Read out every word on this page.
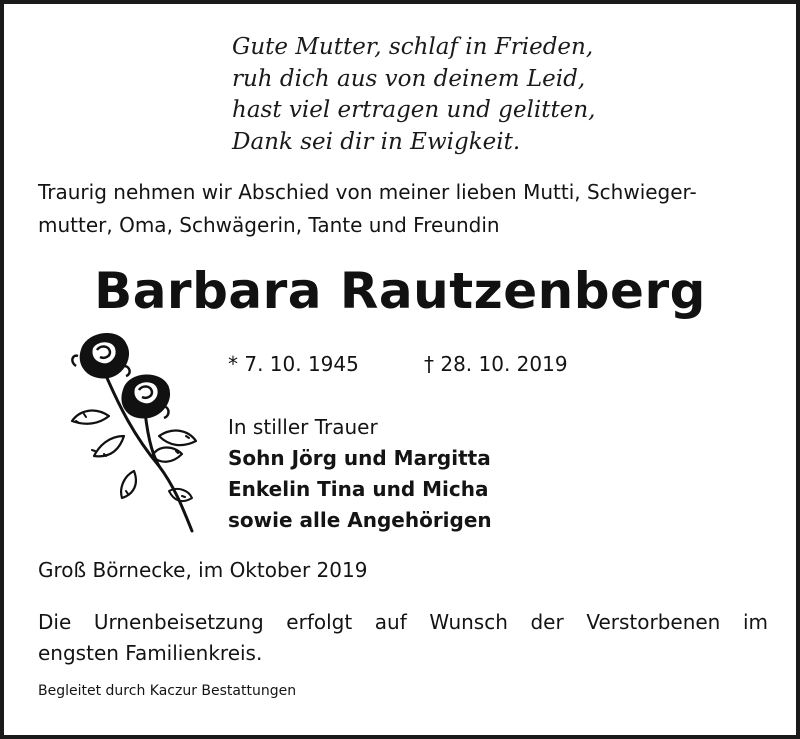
Gute Mutter, schlaf in Frieden,
ruh dich aus von deinem Leid,
hast viel ertragen und gelitten,
Dank sei dir in Ewigkeit.
Traurig nehmen wir Abschied von meiner lieben Mutti, Schwieger-
mutter, Oma, Schwägerin, Tante und Freundin
Barbara Rautzenberg
* 7. 10. 1945	† 28. 10. 2019
In stiller Trauer
Sohn Jörg und Margitta
Enkelin Tina und Micha
sowie alle Angehörigen
Groß Börnecke, im Oktober 2019
Die Urnenbeisetzung erfolgt auf Wunsch der Verstorbenen im
engsten Familienkreis.
Begleitet durch Kaczur Bestattungen
